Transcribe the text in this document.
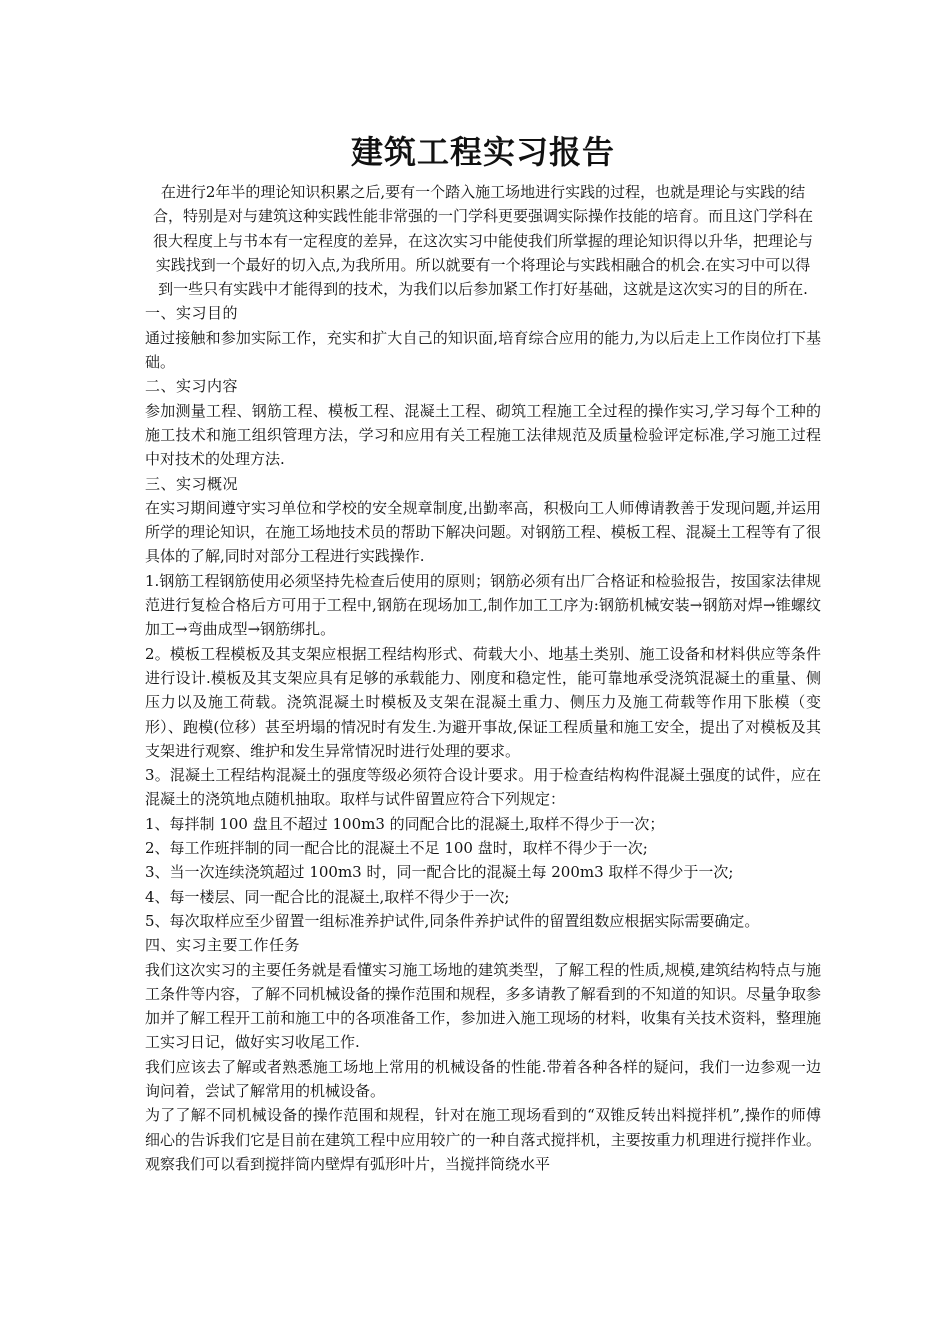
建筑工程实习报告

在进行2年半的理论知识积累之后,要有一个踏入施工场地进行实践的过程，也就是理论与实践的结合，特别是对与建筑这种实践性能非常强的一门学科更要强调实际操作技能的培育。而且这门学科在很大程度上与书本有一定程度的差异，在这次实习中能使我们所掌握的理论知识得以升华，把理论与实践找到一个最好的切入点,为我所用。所以就要有一个将理论与实践相融合的机会.在实习中可以得到一些只有实践中才能得到的技术，为我们以后参加紧工作打好基础，这就是这次实习的目的所在.

一、实习目的

通过接触和参加实际工作，充实和扩大自己的知识面,培育综合应用的能力,为以后走上工作岗位打下基础。

二、实习内容

参加测量工程、钢筋工程、模板工程、混凝土工程、砌筑工程施工全过程的操作实习,学习每个工种的施工技术和施工组织管理方法，学习和应用有关工程施工法律规范及质量检验评定标准,学习施工过程中对技术的处理方法.

三、实习概况

在实习期间遵守实习单位和学校的安全规章制度,出勤率高，积极向工人师傅请教善于发现问题,并运用所学的理论知识，在施工场地技术员的帮助下解决问题。对钢筋工程、模板工程、混凝土工程等有了很具体的了解,同时对部分工程进行实践操作.

1.钢筋工程钢筋使用必须坚持先检查后使用的原则；钢筋必须有出厂合格证和检验报告，按国家法律规范进行复检合格后方可用于工程中,钢筋在现场加工,制作加工工序为:钢筋机械安装→钢筋对焊→锥螺纹加工→弯曲成型→钢筋绑扎。

2。模板工程模板及其支架应根据工程结构形式、荷载大小、地基土类别、施工设备和材料供应等条件进行设计.模板及其支架应具有足够的承载能力、刚度和稳定性，能可靠地承受浇筑混凝土的重量、侧压力以及施工荷载。浇筑混凝土时模板及支架在混凝土重力、侧压力及施工荷载等作用下胀模（变形）、跑模(位移）甚至坍塌的情况时有发生.为避开事故,保证工程质量和施工安全，提出了对模板及其支架进行观察、维护和发生异常情况时进行处理的要求。

3。混凝土工程结构混凝土的强度等级必须符合设计要求。用于检查结构构件混凝土强度的试件，应在混凝土的浇筑地点随机抽取。取样与试件留置应符合下列规定：

1、每拌制 100 盘且不超过 100m3 的同配合比的混凝土,取样不得少于一次；

2、每工作班拌制的同一配合比的混凝土不足 100 盘时，取样不得少于一次;

3、当一次连续浇筑超过 100m3 时，同一配合比的混凝土每 200m3 取样不得少于一次;

4、每一楼层、同一配合比的混凝土,取样不得少于一次;

5、每次取样应至少留置一组标准养护试件,同条件养护试件的留置组数应根据实际需要确定。

四、实习主要工作任务

我们这次实习的主要任务就是看懂实习施工场地的建筑类型，了解工程的性质,规模,建筑结构特点与施工条件等内容，了解不同机械设备的操作范围和规程，多多请教了解看到的不知道的知识。尽量争取参加并了解工程开工前和施工中的各项准备工作，参加进入施工现场的材料，收集有关技术资料，整理施工实习日记，做好实习收尾工作.

我们应该去了解或者熟悉施工场地上常用的机械设备的性能.带着各种各样的疑问，我们一边参观一边询问着，尝试了解常用的机械设备。

为了了解不同机械设备的操作范围和规程，针对在施工现场看到的“双锥反转出料搅拌机”,操作的师傅细心的告诉我们它是目前在建筑工程中应用较广的一种自落式搅拌机，主要按重力机理进行搅拌作业。观察我们可以看到搅拌筒内壁焊有弧形叶片，当搅拌筒绕水平
